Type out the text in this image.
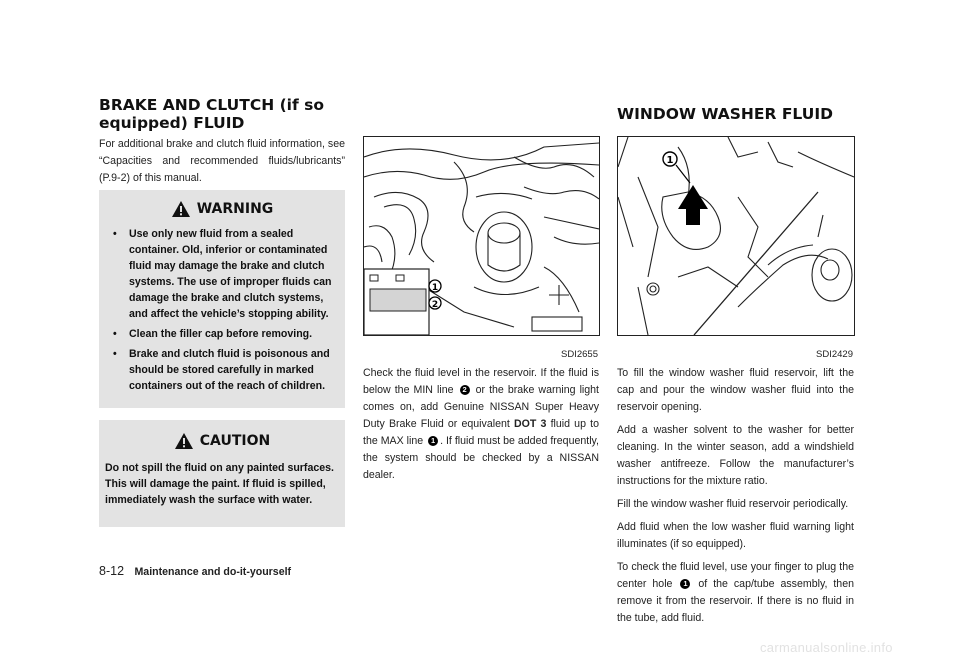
BRAKE AND CLUTCH (if so
equipped) FLUID
For additional brake and clutch fluid information, see “Capacities and recommended fluids/lubricants” (P.9-2) of this manual.
WARNING
• Use only new fluid from a sealed container. Old, inferior or contaminated fluid may damage the brake and clutch systems. The use of improper fluids can damage the brake and clutch systems, and affect the vehicle’s stopping ability.
• Clean the filler cap before removing.
• Brake and clutch fluid is poisonous and should be stored carefully in marked containers out of the reach of children.
CAUTION
Do not spill the fluid on any painted surfaces. This will damage the paint. If fluid is spilled, immediately wash the surface with water.
1
2
SDI2655
Check the fluid level in the reservoir. If the fluid is below the MIN line 2 or the brake warning light comes on, add Genuine NISSAN Super Heavy Duty Brake Fluid or equivalent DOT 3 fluid up to the MAX line 1 . If fluid must be added frequently, the system should be checked by a NISSAN dealer.
WINDOW WASHER FLUID
1
SDI2429

To fill the window washer fluid reservoir, lift the cap and pour the window washer fluid into the reservoir opening.

Add a washer solvent to the washer for better cleaning. In the winter season, add a windshield washer antifreeze. Follow the manufacturer’s instructions for the mixture ratio.

Fill the window washer fluid reservoir periodically.

Add fluid when the low washer fluid warning light illuminates (if so equipped).

To check the fluid level, use your finger to plug the center hole 1 of the cap/tube assembly, then remove it from the reservoir. If there is no fluid in the tube, add fluid.

8-12 Maintenance and do-it-yourself
carmanualsonline.info
